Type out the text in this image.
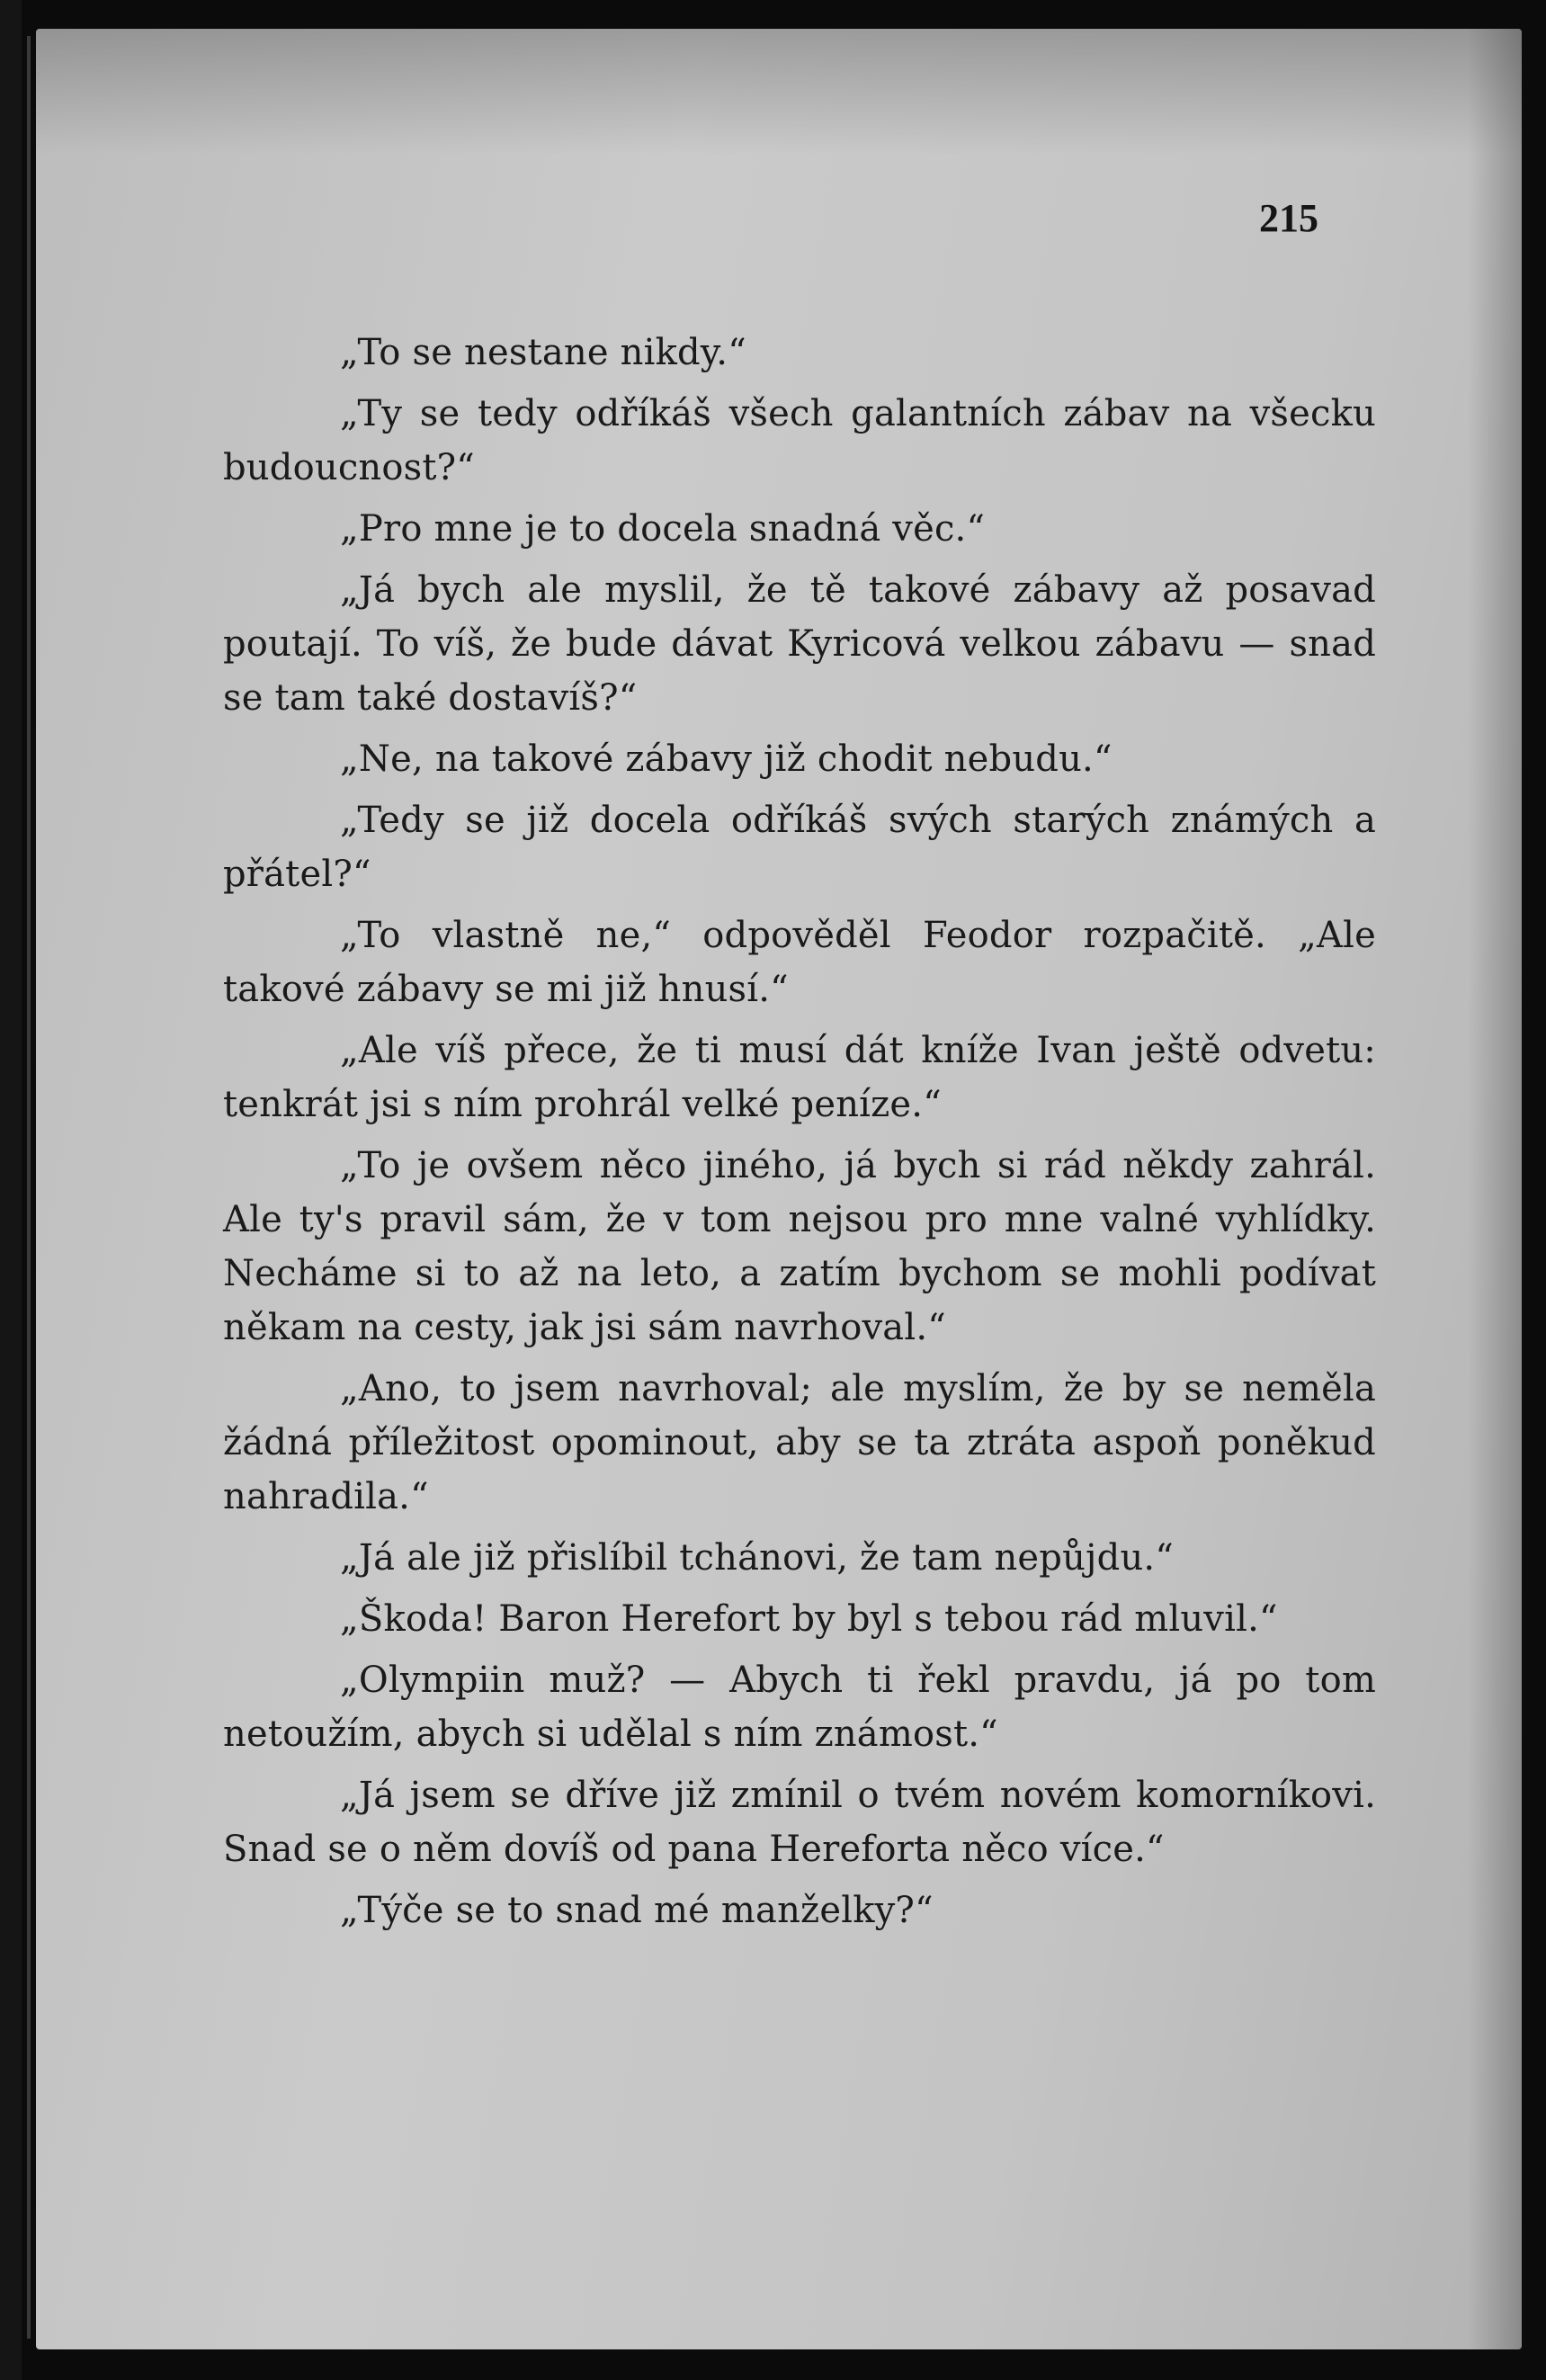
215

„To se nestane nikdy.“

„Ty se tedy odříkáš všech galantních zábav na všecku budoucnost?“

„Pro mne je to docela snadná věc.“

„Já bych ale myslil, že tě takové zábavy až posavad poutají. To víš, že bude dávat Kyricová velkou zábavu — snad se tam také dostavíš?“

„Ne, na takové zábavy již chodit nebudu.“

„Tedy se již docela odříkáš svých starých známých a přátel?“

„To vlastně ne,“ odpověděl Feodor rozpačitě. „Ale takové zábavy se mi již hnusí.“

„Ale víš přece, že ti musí dát kníže Ivan ještě odvetu: tenkrát jsi s ním prohrál velké peníze.“

„To je ovšem něco jiného, já bych si rád někdy zahrál. Ale ty's pravil sám, že v tom nejsou pro mne valné vyhlídky. Necháme si to až na leto, a zatím bychom se mohli podívat někam na cesty, jak jsi sám navrhoval.“

„Ano, to jsem navrhoval; ale myslím, že by se neměla žádná příležitost opominout, aby se ta ztráta aspoň poněkud nahradila.“

„Já ale již přislíbil tchánovi, že tam nepůjdu.“

„Škoda! Baron Herefort by byl s tebou rád mluvil.“

„Olympiin muž? — Abych ti řekl pravdu, já po tom netoužím, abych si udělal s ním známost.“

„Já jsem se dříve již zmínil o tvém novém komorníkovi. Snad se o něm dovíš od pana Hereforta něco více.“

„Týče se to snad mé manželky?“
